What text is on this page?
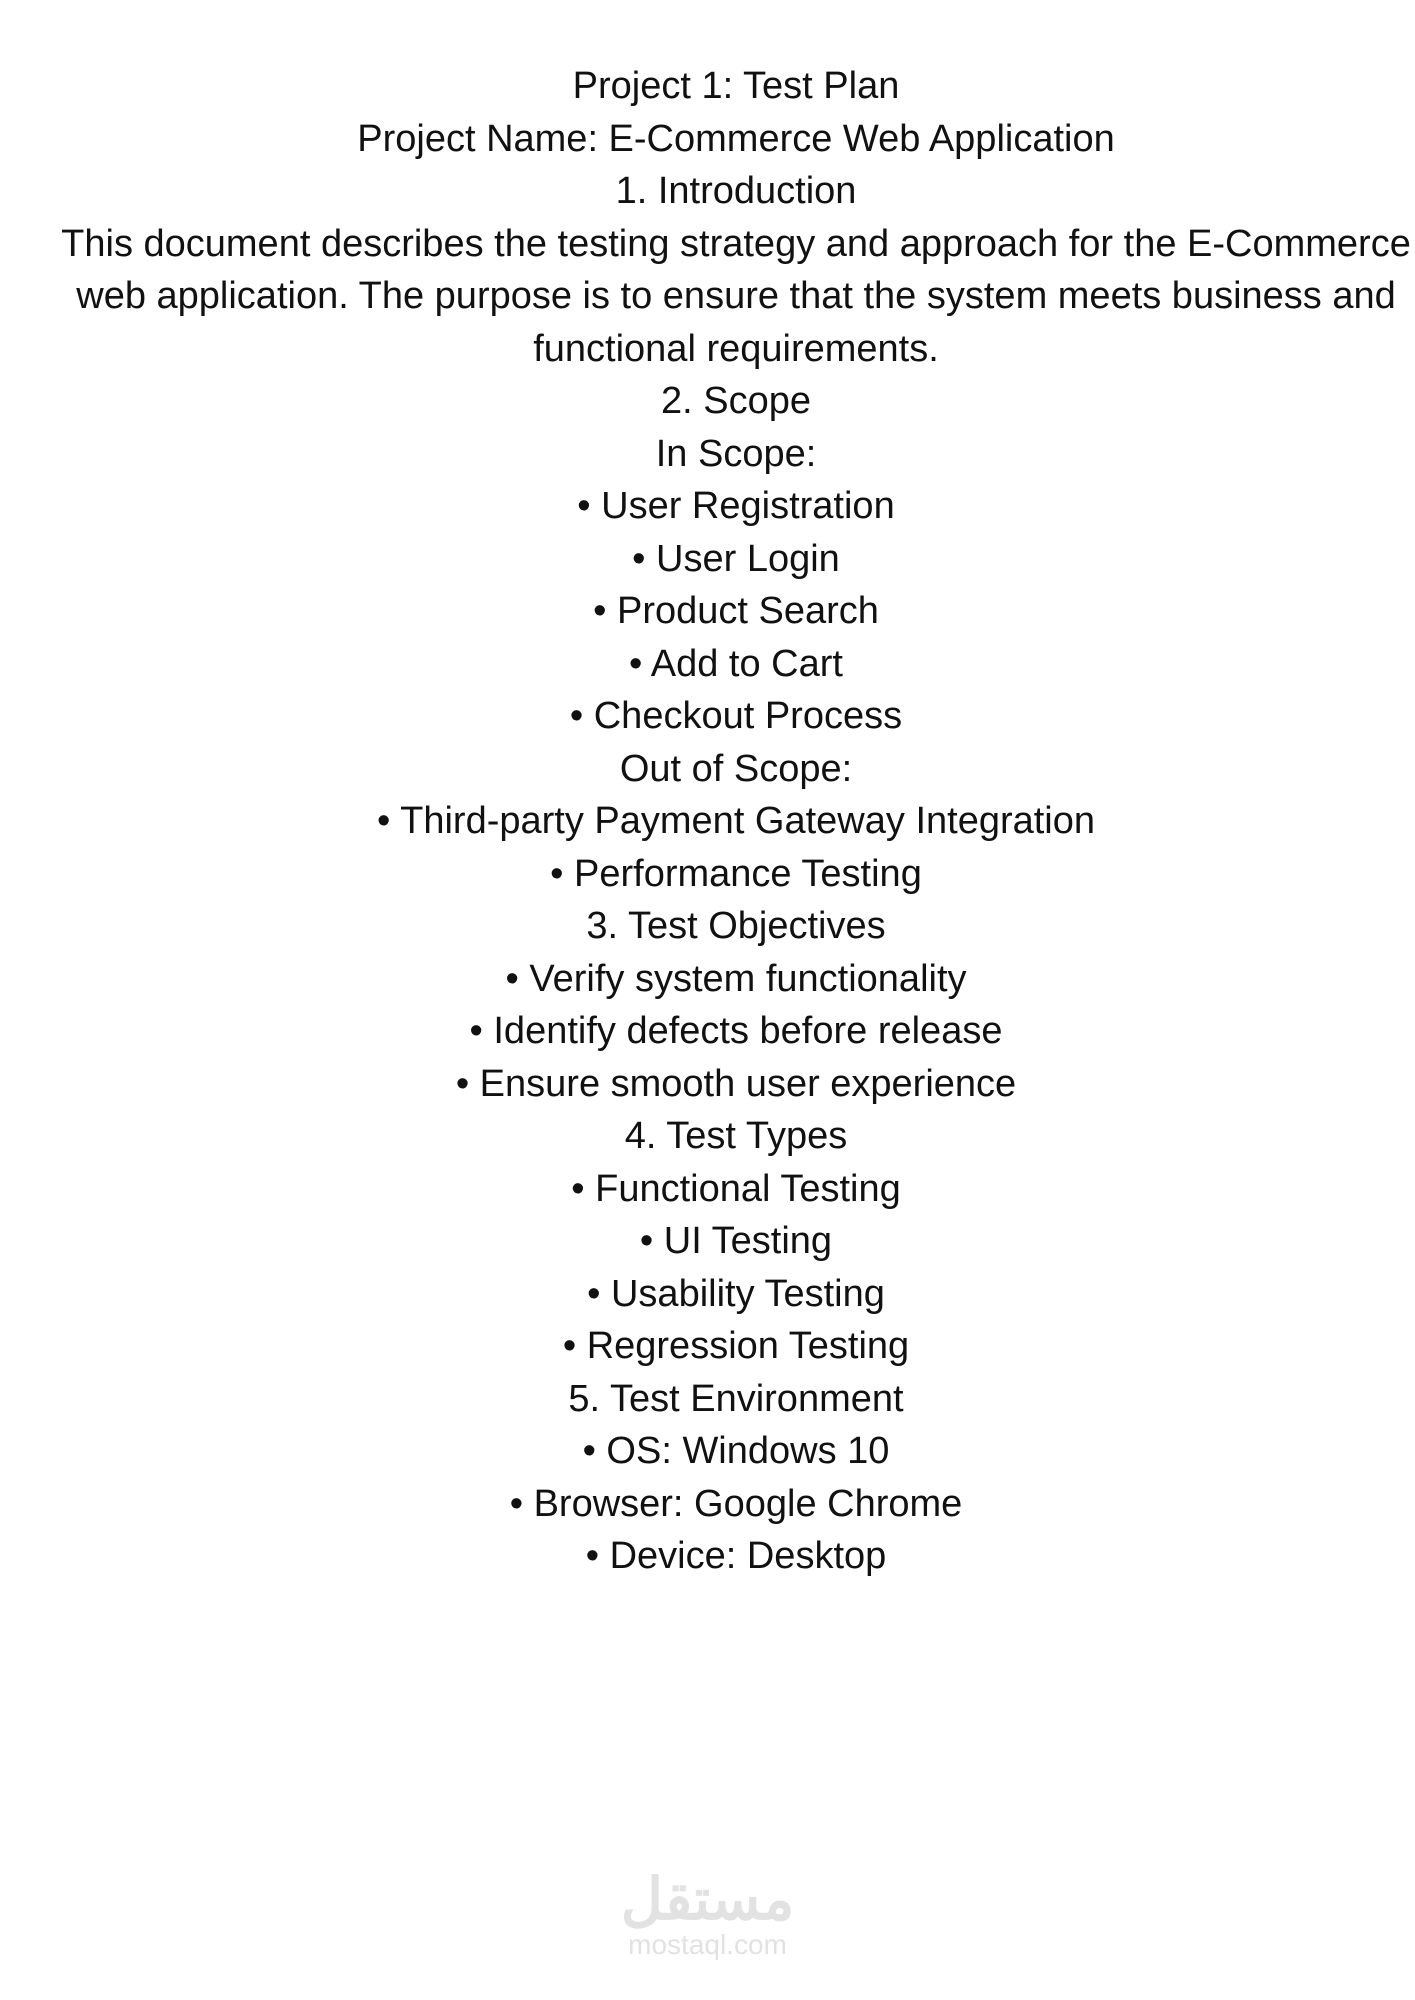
Project 1: Test Plan
Project Name: E-Commerce Web Application
1. Introduction
This document describes the testing strategy and approach for the E-Commerce
web application. The purpose is to ensure that the system meets business and
functional requirements.
2. Scope
In Scope:
• User Registration
• User Login
• Product Search
• Add to Cart
• Checkout Process
Out of Scope:
• Third-party Payment Gateway Integration
• Performance Testing
3. Test Objectives
• Verify system functionality
• Identify defects before release
• Ensure smooth user experience
4. Test Types
• Functional Testing
• UI Testing
• Usability Testing
• Regression Testing
5. Test Environment
• OS: Windows 10
• Browser: Google Chrome
• Device: Desktop
مستقل
mostaql.com
